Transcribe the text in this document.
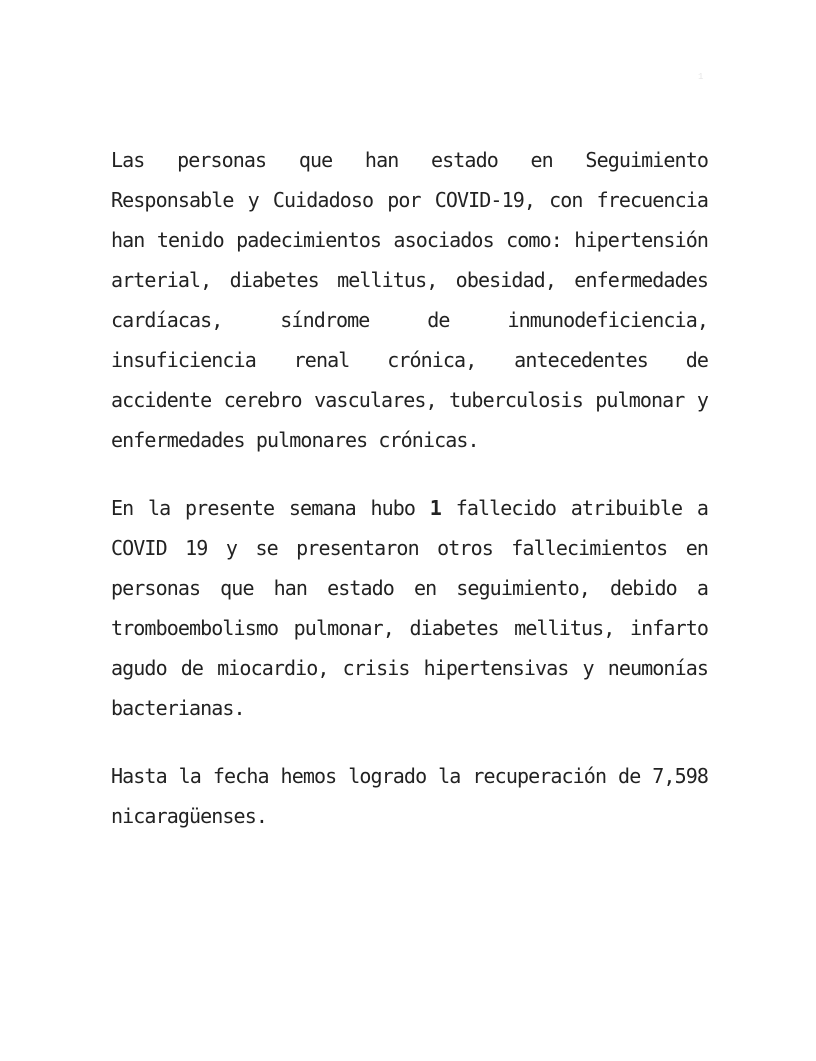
1

Las personas que han estado en Seguimiento Responsable y Cuidadoso por COVID-19, con frecuencia han tenido padecimientos asociados como: hipertensión arterial, diabetes mellitus, obesidad, enfermedades cardíacas, síndrome de inmunodeficiencia, insuficiencia renal crónica, antecedentes de accidente cerebro vasculares, tuberculosis pulmonar y enfermedades pulmonares crónicas.

En la presente semana hubo 1 fallecido atribuible a COVID 19 y se presentaron otros fallecimientos en personas que han estado en seguimiento, debido a tromboembolismo pulmonar, diabetes mellitus, infarto agudo de miocardio, crisis hipertensivas y neumonías bacterianas.

Hasta la fecha hemos logrado la recuperación de 7,598 nicaragüenses.
